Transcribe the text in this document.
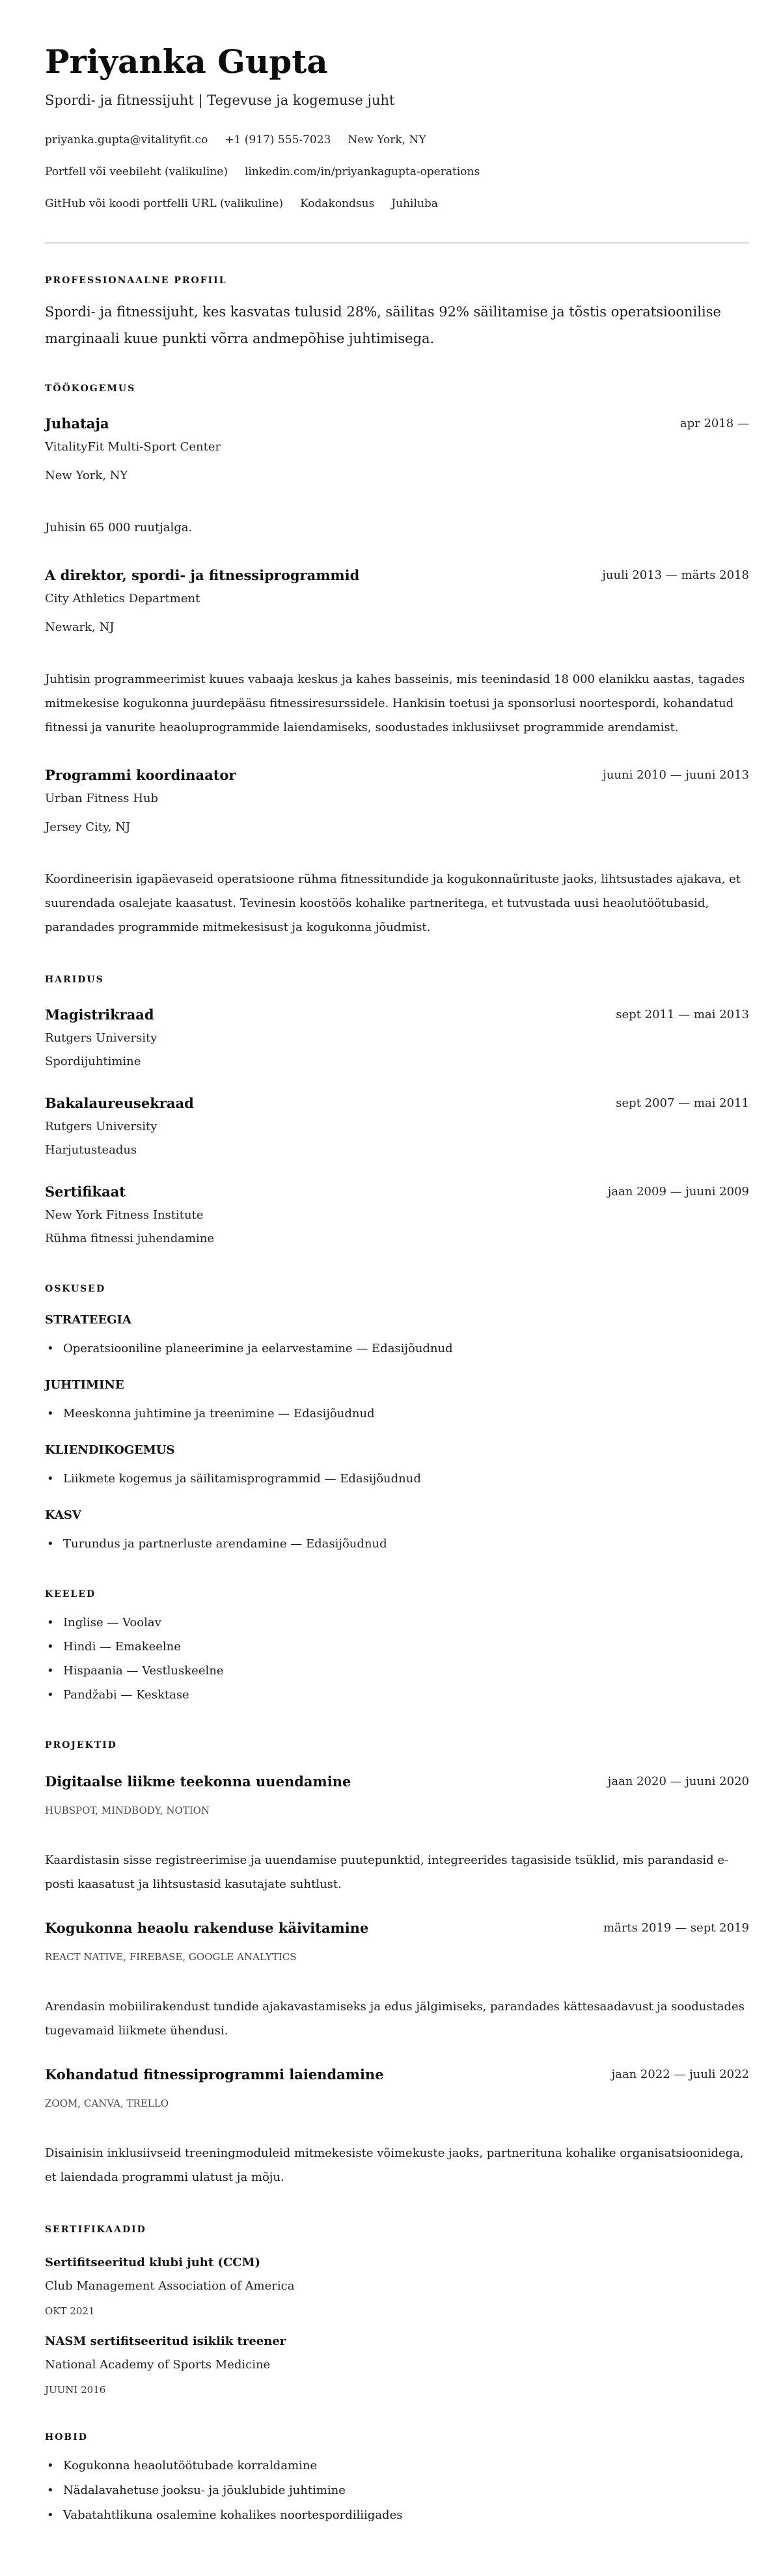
Priyanka Gupta
Spordi- ja fitnessijuht | Tegevuse ja kogemuse juht
priyanka.gupta@vitalityfit.co +1 (917) 555-7023 New York, NY
Portfell või veebileht (valikuline) linkedin.com/in/priyankagupta-operations
GitHub või koodi portfelli URL (valikuline) Kodakondsus Juhiluba
PROFESSIONAALNE PROFIIL

Spordi- ja fitnessijuht, kes kasvatas tulusid 28%, säilitas 92% säilitamise ja tõstis operatsioonilise marginaali kuue punkti võrra andmepõhise juhtimisega.

TÖÖKOGEMUS
Juhataja	apr 2018 —
VitalityFit Multi-Sport Center
New York, NY

Juhisin 65 000 ruutjalga.

A direktor, spordi- ja fitnessiprogrammid	juuli 2013 — märts 2018
City Athletics Department
Newark, NJ

Juhtisin programmeerimist kuues vabaaja keskus ja kahes basseinis, mis teenindasid 18 000 elanikku aastas, tagades mitmekesise kogukonna juurdepääsu fitnessiresurssidele. Hankisin toetusi ja sponsorlusi noortespordi, kohandatud fitnessi ja vanurite heaoluprogrammide laiendamiseks, soodustades inklusiivset programmide arendamist.

Programmi koordinaator	juuni 2010 — juuni 2013
Urban Fitness Hub
Jersey City, NJ

Koordineerisin igapäevaseid operatsioone rühma fitnessitundide ja kogukonnaürituste jaoks, lihtsustades ajakava, et suurendada osalejate kaasatust. Tevinesin koostöös kohalike partneritega, et tutvustada uusi heaolutöötubasid, parandades programmide mitmekesisust ja kogukonna jõudmist.

HARIDUS
Magistrikraad	sept 2011 — mai 2013
Rutgers University
Spordijuhtimine
Bakalaureusekraad	sept 2007 — mai 2011
Rutgers University
Harjutusteadus
Sertifikaat	jaan 2009 — juuni 2009
New York Fitness Institute
Rühma fitnessi juhendamine
OSKUSED
STRATEEGIA
• Operatsiooniline planeerimine ja eelarvestamine — Edasijõudnud
JUHTIMINE
• Meeskonna juhtimine ja treenimine — Edasijõudnud
KLIENDIKOGEMUS
• Liikmete kogemus ja säilitamisprogrammid — Edasijõudnud
KASV
• Turundus ja partnerluste arendamine — Edasijõudnud
KEELED
• Inglise — Voolav
• Hindi — Emakeelne
• Hispaania — Vestluskeelne
• Pandžabi — Kesktase
PROJEKTID
Digitaalse liikme teekonna uuendamine	jaan 2020 — juuni 2020
HUBSPOT, MINDBODY, NOTION

Kaardistasin sisse registreerimise ja uuendamise puutepunktid, integreerides tagasiside tsüklid, mis parandasid e-posti kaasatust ja lihtsustasid kasutajate suhtlust.

Kogukonna heaolu rakenduse käivitamine	märts 2019 — sept 2019
REACT NATIVE, FIREBASE, GOOGLE ANALYTICS

Arendasin mobiilirakendust tundide ajakavastamiseks ja edus jälgimiseks, parandades kättesaadavust ja soodustades tugevamaid liikmete ühendusi.

Kohandatud fitnessiprogrammi laiendamine	jaan 2022 — juuli 2022
ZOOM, CANVA, TRELLO

Disainisin inklusiivseid treeningmoduleid mitmekesiste võimekuste jaoks, partnerituna kohalike organisatsioonidega, et laiendada programmi ulatust ja mõju.

SERTIFIKAADID
Sertifitseeritud klubi juht (CCM)
Club Management Association of America
OKT 2021
NASM sertifitseeritud isiklik treener
National Academy of Sports Medicine
JUUNI 2016
HOBID
• Kogukonna heaolutöötubade korraldamine
• Nädalavahetuse jooksu- ja jõuklubide juhtimine
• Vabatahtlikuna osalemine kohalikes noortespordiliigades
